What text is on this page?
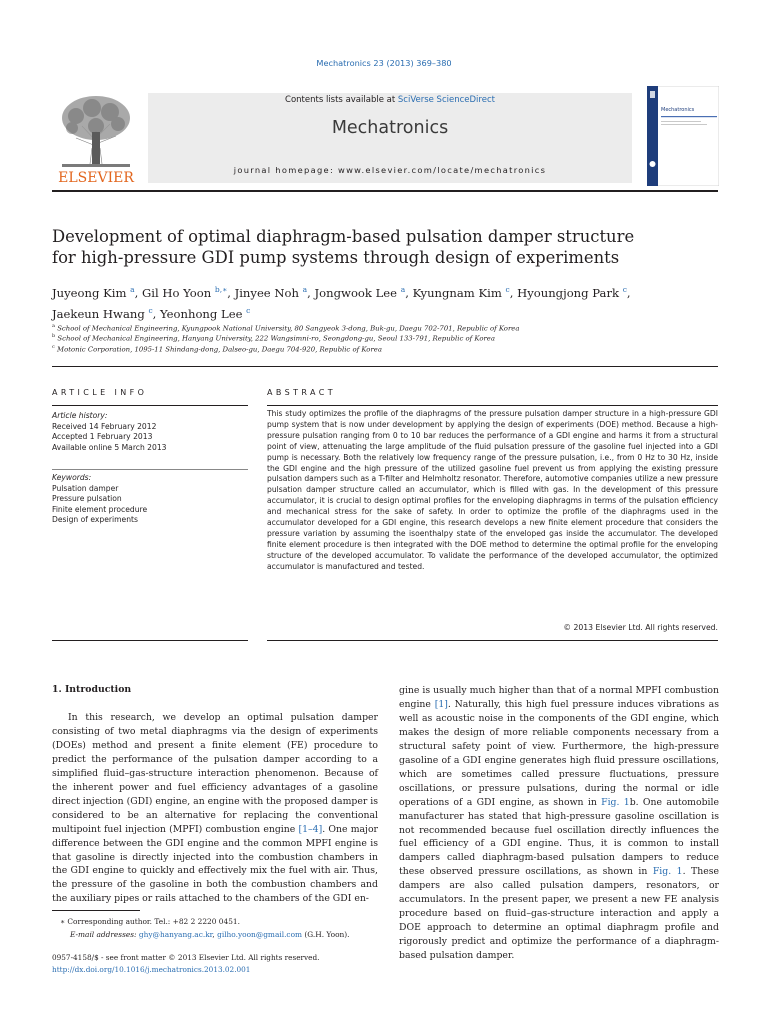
Mechatronics 23 (2013) 369–380
ELSEVIER
Contents lists available at SciVerse ScienceDirect
Mechatronics
journal homepage: www.elsevier.com/locate/mechatronics
Mechatronics
Development of optimal diaphragm-based pulsation damper structure
for high-pressure GDI pump systems through design of experiments
Juyeong Kim $^a$, Gil Ho Yoon $^{b,∗}$, Jinyee Noh $^a$, Jongwook Lee $^a$, Kyungnam Kim $^c$, Hyoungjong Park $^c$,
Jaekeun Hwang $^c$, Yeonhong Lee $^c$
$^a$ School of Mechanical Engineering, Kyungpook National University, 80 Sangyeok 3-dong, Buk-gu, Daegu 702-701, Republic of Korea
$^b$ School of Mechanical Engineering, Hanyang University, 222 Wangsimni-ro, Seongdong-gu, Seoul 133-791, Republic of Korea
$^c$ Motonic Corporation, 1095-11 Shindang-dong, Dalseo-gu, Daegu 704-920, Republic of Korea
ARTICLE INFO	ABSTRACT
Article history:
Received 14 February 2012
Accepted 1 February 2013
Available online 5 March 2013
Keywords:
Pulsation damper
Pressure pulsation
Finite element procedure
Design of experiments
This study optimizes the profile of the diaphragms of the pressure pulsation damper structure in a high-pressure GDI pump system that is now under development by applying the design of experiments (DOE) method. Because a high-pressure pulsation ranging from 0 to 10 bar reduces the performance of a GDI engine and harms it from a structural point of view, attenuating the large amplitude of the fluid pulsation pressure of the gasoline fuel injected into a GDI pump is necessary. Both the relatively low frequency range of the pressure pulsation, i.e., from 0 Hz to 30 Hz, inside the GDI engine and the high pressure of the utilized gasoline fuel prevent us from applying the existing pressure pulsation dampers such as a T-filter and Helmholtz resonator. Therefore, automotive companies utilize a new pressure pulsation damper structure called an accumulator, which is filled with gas. In the development of this pressure accumulator, it is crucial to design optimal profiles for the enveloping diaphragms in terms of the pulsation efficiency and mechanical stress for the sake of safety. In order to optimize the profile of the diaphragms used in the accumulator developed for a GDI engine, this research develops a new finite element procedure that considers the pressure variation by assuming the isoenthalpy state of the enveloped gas inside the accumulator. The developed finite element procedure is then integrated with the DOE method to determine the optimal profile for the enveloping structure of the developed accumulator. To validate the performance of the developed accumulator, the optimized accumulator is manufactured and tested.
© 2013 Elsevier Ltd. All rights reserved.
1. Introduction
In this research, we develop an optimal pulsation damper consisting of two metal diaphragms via the design of experiments (DOEs) method and present a finite element (FE) procedure to predict the performance of the pulsation damper according to a simplified fluid–gas-structure interaction phenomenon. Because of the inherent power and fuel efficiency advantages of a gasoline direct injection (GDI) engine, an engine with the proposed damper is considered to be an alternative for replacing the conventional multipoint fuel injection (MPFI) combustion engine [1–4]. One major difference between the GDI engine and the common MPFI engine is that gasoline is directly injected into the combustion chambers in the GDI engine to quickly and effectively mix the fuel with air. Thus, the pressure of the gasoline in both the combustion chambers and the auxiliary pipes or rails attached to the chambers of the GDI en-
gine is usually much higher than that of a normal MPFI combustion engine [1]. Naturally, this high fuel pressure induces vibrations as well as acoustic noise in the components of the GDI engine, which makes the design of more reliable components necessary from a structural safety point of view. Furthermore, the high-pressure gasoline of a GDI engine generates high fluid pressure oscillations, which are sometimes called pressure fluctuations, pressure oscillations, or pressure pulsations, during the normal or idle operations of a GDI engine, as shown in Fig. 1b. One automobile manufacturer has stated that high-pressure gasoline oscillation is not recommended because fuel oscillation directly influences the fuel efficiency of a GDI engine. Thus, it is common to install dampers called diaphragm-based pulsation dampers to reduce these observed pressure oscillations, as shown in Fig. 1. These dampers are also called pulsation dampers, resonators, or accumulators. In the present paper, we present a new FE analysis procedure based on fluid–gas-structure interaction and apply a DOE approach to determine an optimal diaphragm profile and rigorously predict and optimize the performance of a diaphragm-based pulsation damper.
∗ Corresponding author. Tel.: +82 2 2220 0451.
E-mail addresses: ghy@hanyang.ac.kr, gilho.yoon@gmail.com (G.H. Yoon).
0957-4158/$ - see front matter © 2013 Elsevier Ltd. All rights reserved.
http://dx.doi.org/10.1016/j.mechatronics.2013.02.001
